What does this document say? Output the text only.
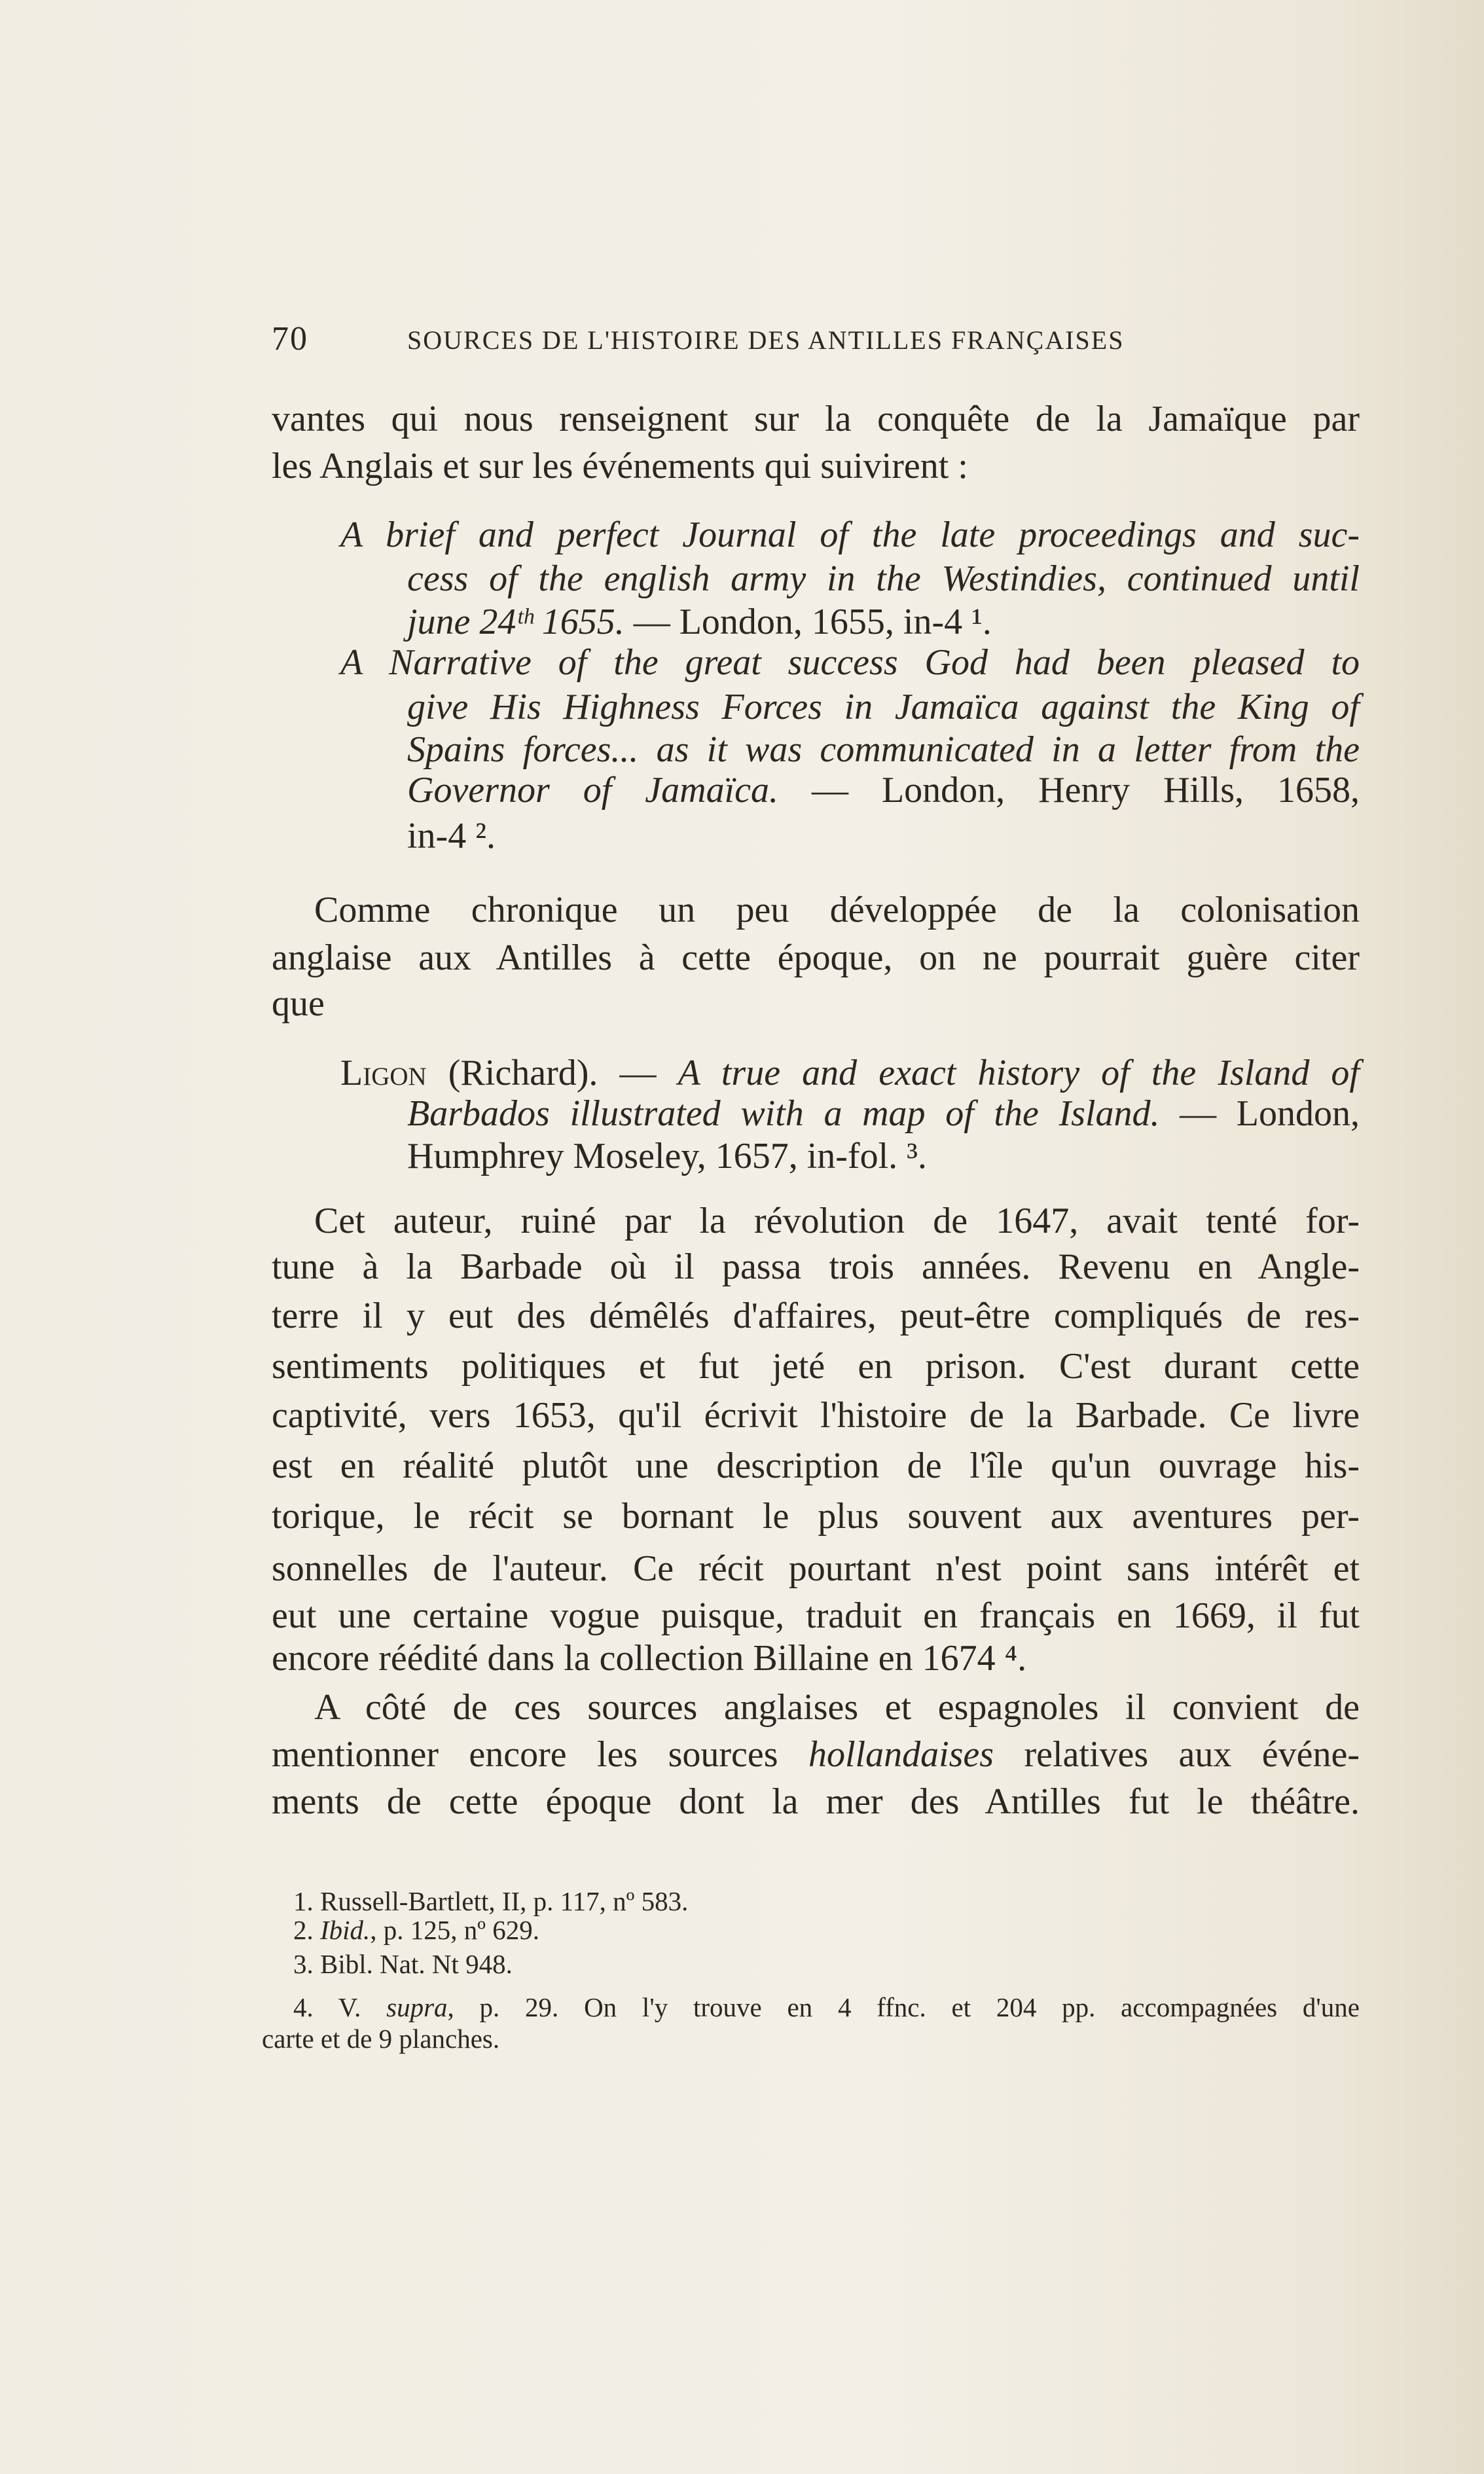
70	SOURCES DE L'HISTOIRE DES ANTILLES FRANÇAISES
vantes qui nous renseignent sur la conquête de la Jamaïque par
les Anglais et sur les événements qui suivirent :
A brief and perfect Journal of the late proceedings and suc-
cess of the english army in the Westindies, continued until
june 24ᵗʰ 1655. — London, 1655, in-4 ¹.
A Narrative of the great success God had been pleased to
give His Highness Forces in Jamaïca against the King of
Spains forces... as it was communicated in a letter from the
Governor of Jamaïca. — London, Henry Hills, 1658,
in-4 ².
Comme chronique un peu développée de la colonisation
anglaise aux Antilles à cette époque, on ne pourrait guère citer
que
Ligon (Richard). — A true and exact history of the Island of
Barbados illustrated with a map of the Island. — London,
Humphrey Moseley, 1657, in-fol. ³.
Cet auteur, ruiné par la révolution de 1647, avait tenté for-
tune à la Barbade où il passa trois années. Revenu en Angle-
terre il y eut des démêlés d'affaires, peut-être compliqués de res-
sentiments politiques et fut jeté en prison. C'est durant cette
captivité, vers 1653, qu'il écrivit l'histoire de la Barbade. Ce livre
est en réalité plutôt une description de l'île qu'un ouvrage his-
torique, le récit se bornant le plus souvent aux aventures per-
sonnelles de l'auteur. Ce récit pourtant n'est point sans intérêt et
eut une certaine vogue puisque, traduit en français en 1669, il fut
encore réédité dans la collection Billaine en 1674 ⁴.
A côté de ces sources anglaises et espagnoles il convient de
mentionner encore les sources hollandaises relatives aux événe-
ments de cette époque dont la mer des Antilles fut le théâtre.
1. Russell-Bartlett, II, p. 117, nº 583.
2. Ibid., p. 125, nº 629.
3. Bibl. Nat. Nt 948.
4. V. supra, p. 29. On l'y trouve en 4 ffnc. et 204 pp. accompagnées d'une
carte et de 9 planches.
